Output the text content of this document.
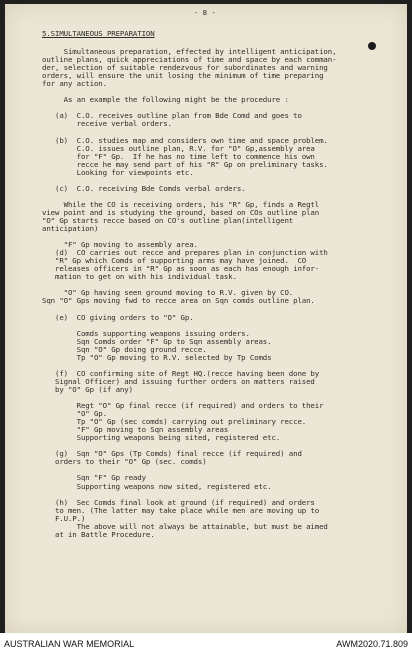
- 8 -
5.SIMULTANEOUS PREPARATION
Simultaneous preparation, effected by intelligent anticipation,
outline plans, quick appreciations of time and space by each comman-
der, selection of suitable rendezvous for subordinates and warning
orders, will ensure the unit losing the minimum of time preparing
for any action.

As an example the following might be the procedure :

(a)  C.O. receives outline plan from Bde Comd and goes to
receive verbal orders.

(b)  C.O. studies map and considers own time and space problem.
C.O. issues outline plan, R.V. for "O" Gp,assembly area
for "F" Gp.  If he has no time left to commence his own
recce he may send part of his "R" Gp on preliminary tasks.
Looking for viewpoints etc.

(c)  C.O. receiving Bde Comds verbal orders.

While the CO is receiving orders, his "R" Gp, finds a Regtl
view point and is studying the ground, based on COs outline plan
"O" Gp starts recce based on CO's outline plan(intelligent
anticipation)

"F" Gp moving to assembly area.
(d)  CO carries out recce and prepares plan in conjunction with
"R" Gp which Comds of supporting arms may have joined.  CO
releases officers in "R" Gp as soon as each has enough infor-
mation to get on with his individual task.

"O" Gp having seen ground moving to R.V. given by CO.
Sqn "O" Gps moving fwd to recce area on Sqn comds outline plan.

(e)  CO giving orders to "O" Gp.

Comds supporting weapons issuing orders.
Sqn Comds order "F" Gp to Sqn assembly areas.
Sqn "O" Gp doing ground recce.
Tp "O" Gp moving to R.V. selected by Tp Comds

(f)  CO confirming site of Regt HQ.(recce having been done by
Signal Officer) and issuing further orders on matters raised
by "O" Gp (if any)

Regt "O" Gp final recce (if required) and orders to their
"O" Gp.
Tp "O" Gp (sec comds) carrying out preliminary recce.
"F" Gp moving to Sqn assembly areas
Supporting weapons being sited, registered etc.

(g)  Sqn "O" Gps (Tp Comds) final recce (if required) and
orders to their "O" Gp (sec. comds)

Sqn "F" Gp ready
Supporting weapons now sited, registered etc.

(h)  Sec Comds final look at ground (if required) and orders
to men. (The latter may take place while men are moving up to
F.U.P.)
The above will not always be attainable, but must be aimed
at in Battle Procedure.
AUSTRALIAN WAR MEMORIAL	AWM2020.71.809
